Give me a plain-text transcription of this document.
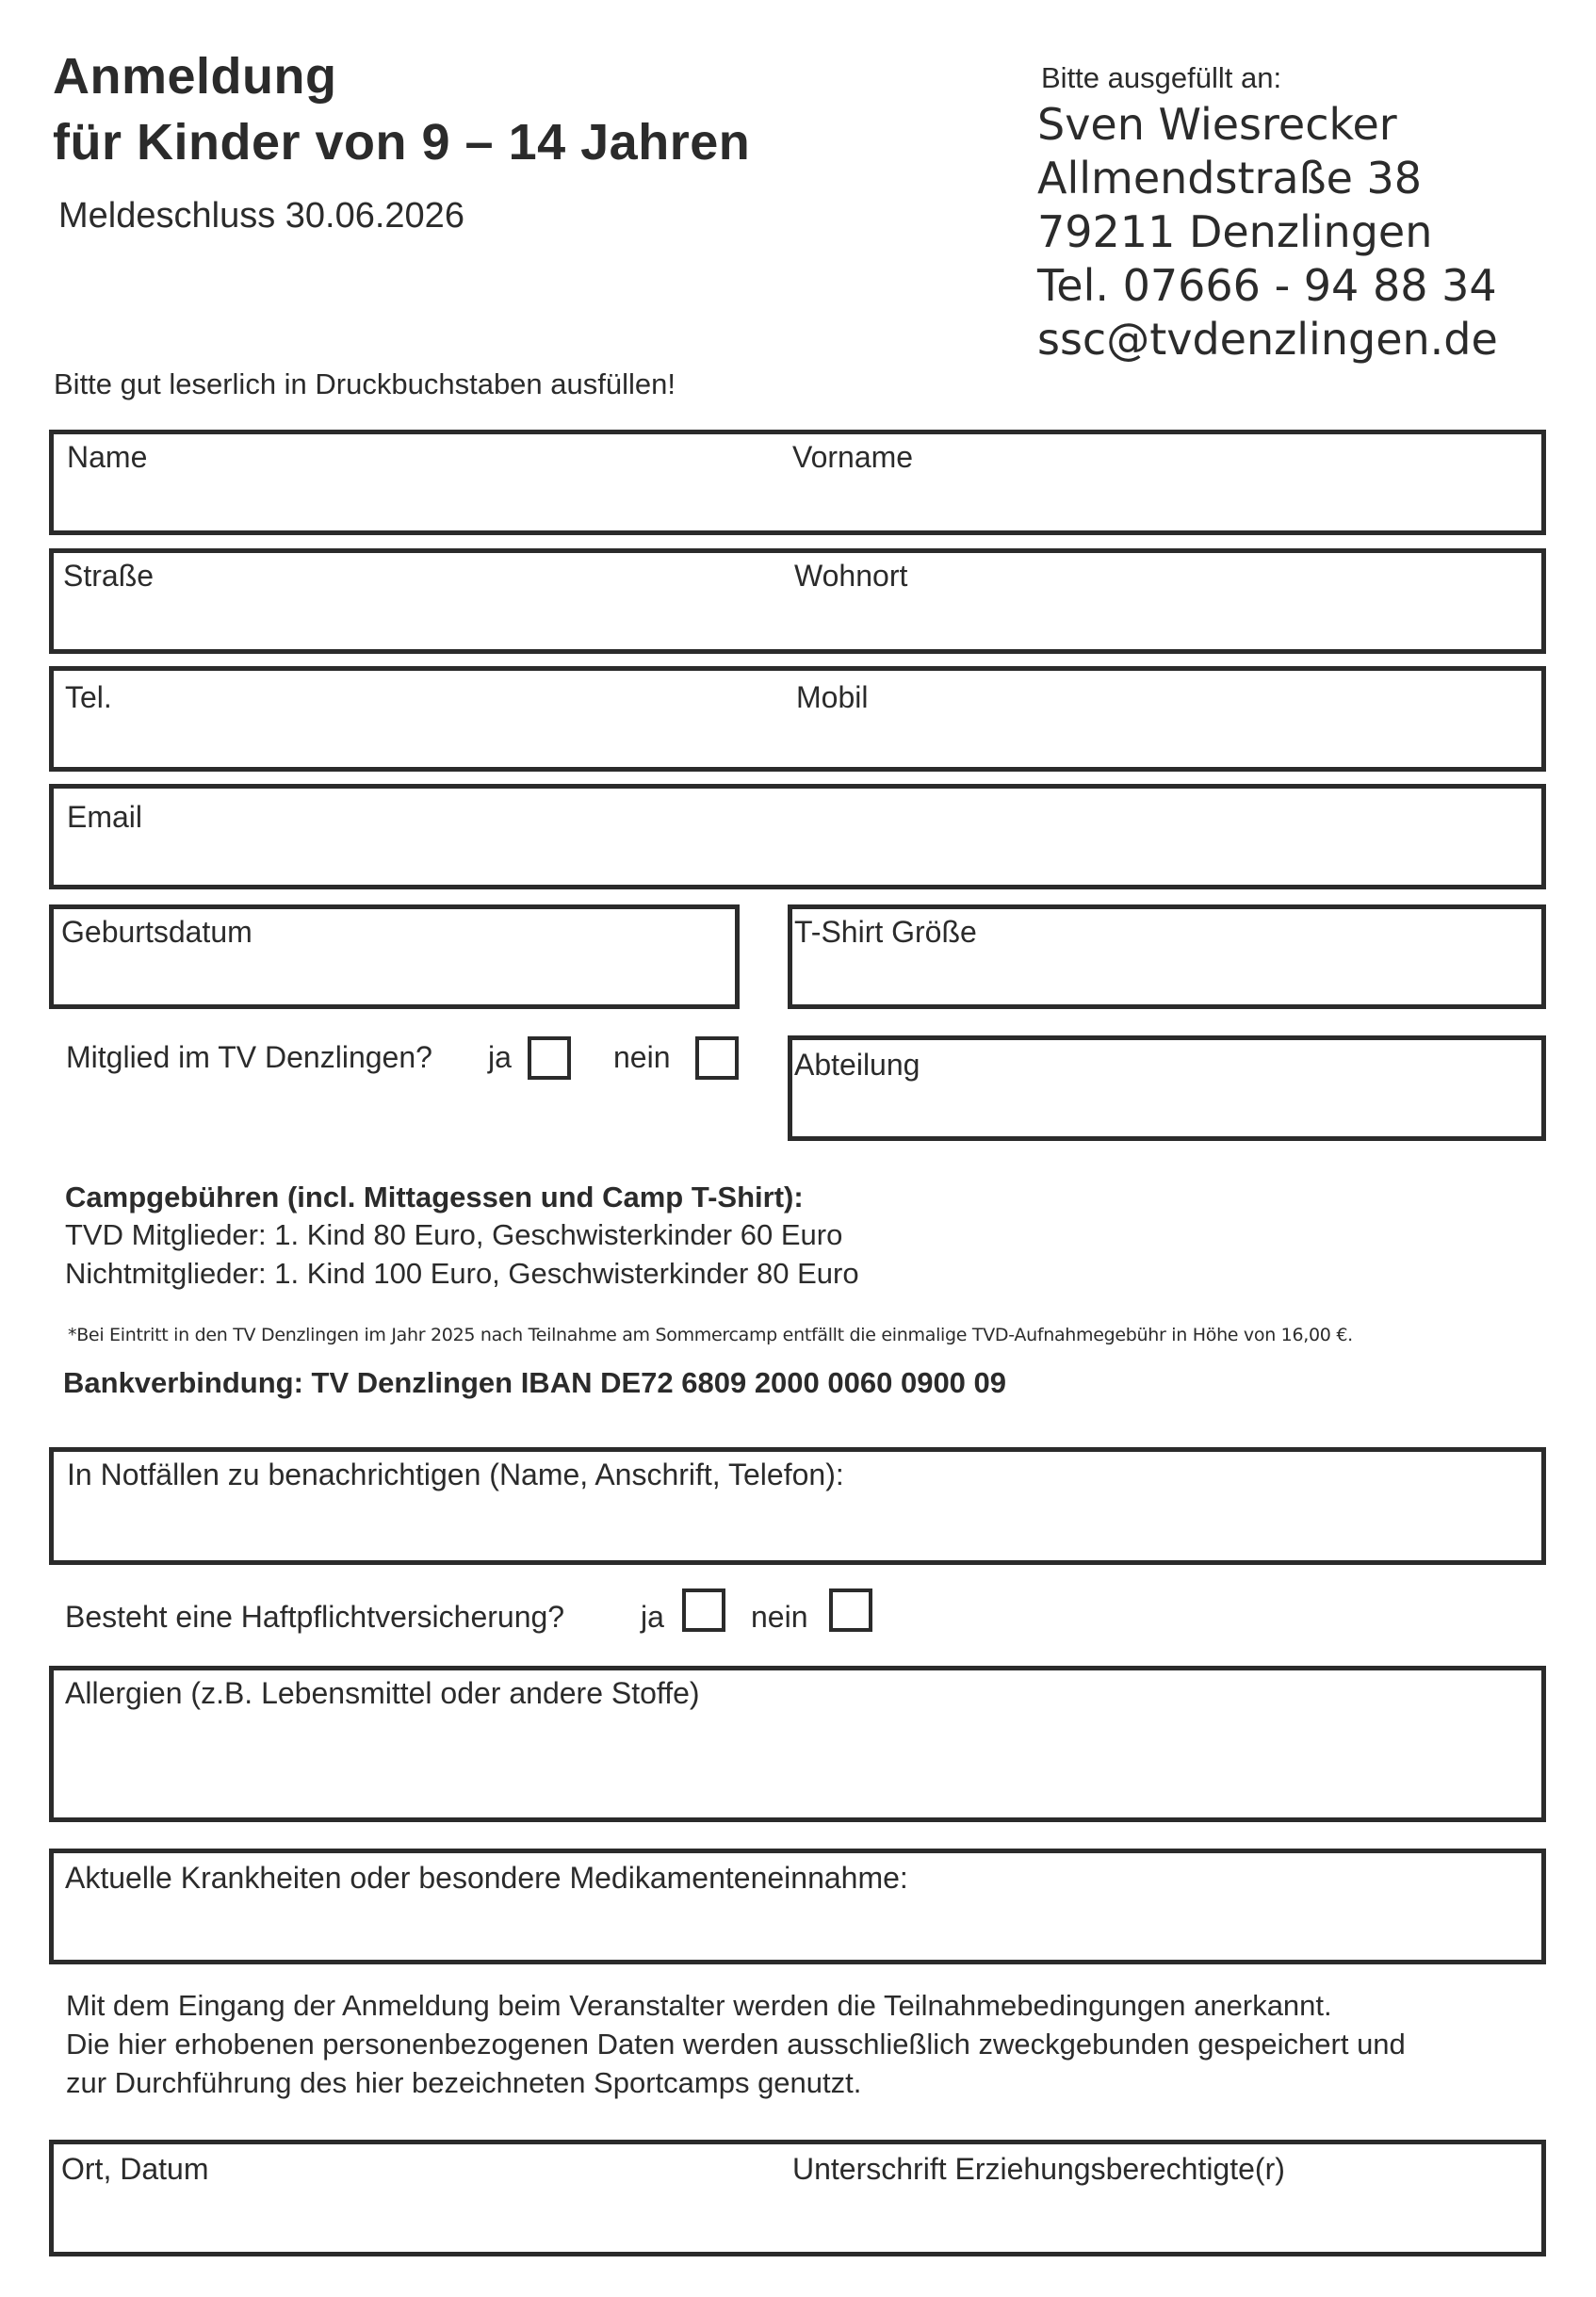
Anmeldung
für Kinder von 9 – 14 Jahren
Meldeschluss 30.06.2026
Bitte ausgefüllt an:
Sven Wiesrecker
Allmendstraße 38
79211 Denzlingen
Tel. 07666 - 94 88 34
ssc@tvdenzlingen.de
Bitte gut leserlich in Druckbuchstaben ausfüllen!
Name	Vorname
Straße	Wohnort
Tel.	Mobil
Email
Geburtsdatum	T-Shirt Größe
Mitglied im TV Denzlingen? ja	nein	Abteilung
Campgebühren (incl. Mittagessen und Camp T-Shirt):
TVD Mitglieder: 1. Kind 80 Euro, Geschwisterkinder 60 Euro
Nichtmitglieder: 1. Kind 100 Euro, Geschwisterkinder 80 Euro
*Bei Eintritt in den TV Denzlingen im Jahr 2025 nach Teilnahme am Sommercamp entfällt die einmalige TVD-Aufnahmegebühr in Höhe von 16,00 €.
Bankverbindung: TV Denzlingen IBAN DE72 6809 2000 0060 0900 09
In Notfällen zu benachrichtigen (Name, Anschrift, Telefon):
Besteht eine Haftpflichtversicherung?	ja	nein
Allergien (z.B. Lebensmittel oder andere Stoffe)
Aktuelle Krankheiten oder besondere Medikamenteneinnahme:
Mit dem Eingang der Anmeldung beim Veranstalter werden die Teilnahmebedingungen anerkannt.
Die hier erhobenen personenbezogenen Daten werden ausschließlich zweckgebunden gespeichert und
zur Durchführung des hier bezeichneten Sportcamps genutzt.
Ort, Datum	Unterschrift Erziehungsberechtigte(r)
